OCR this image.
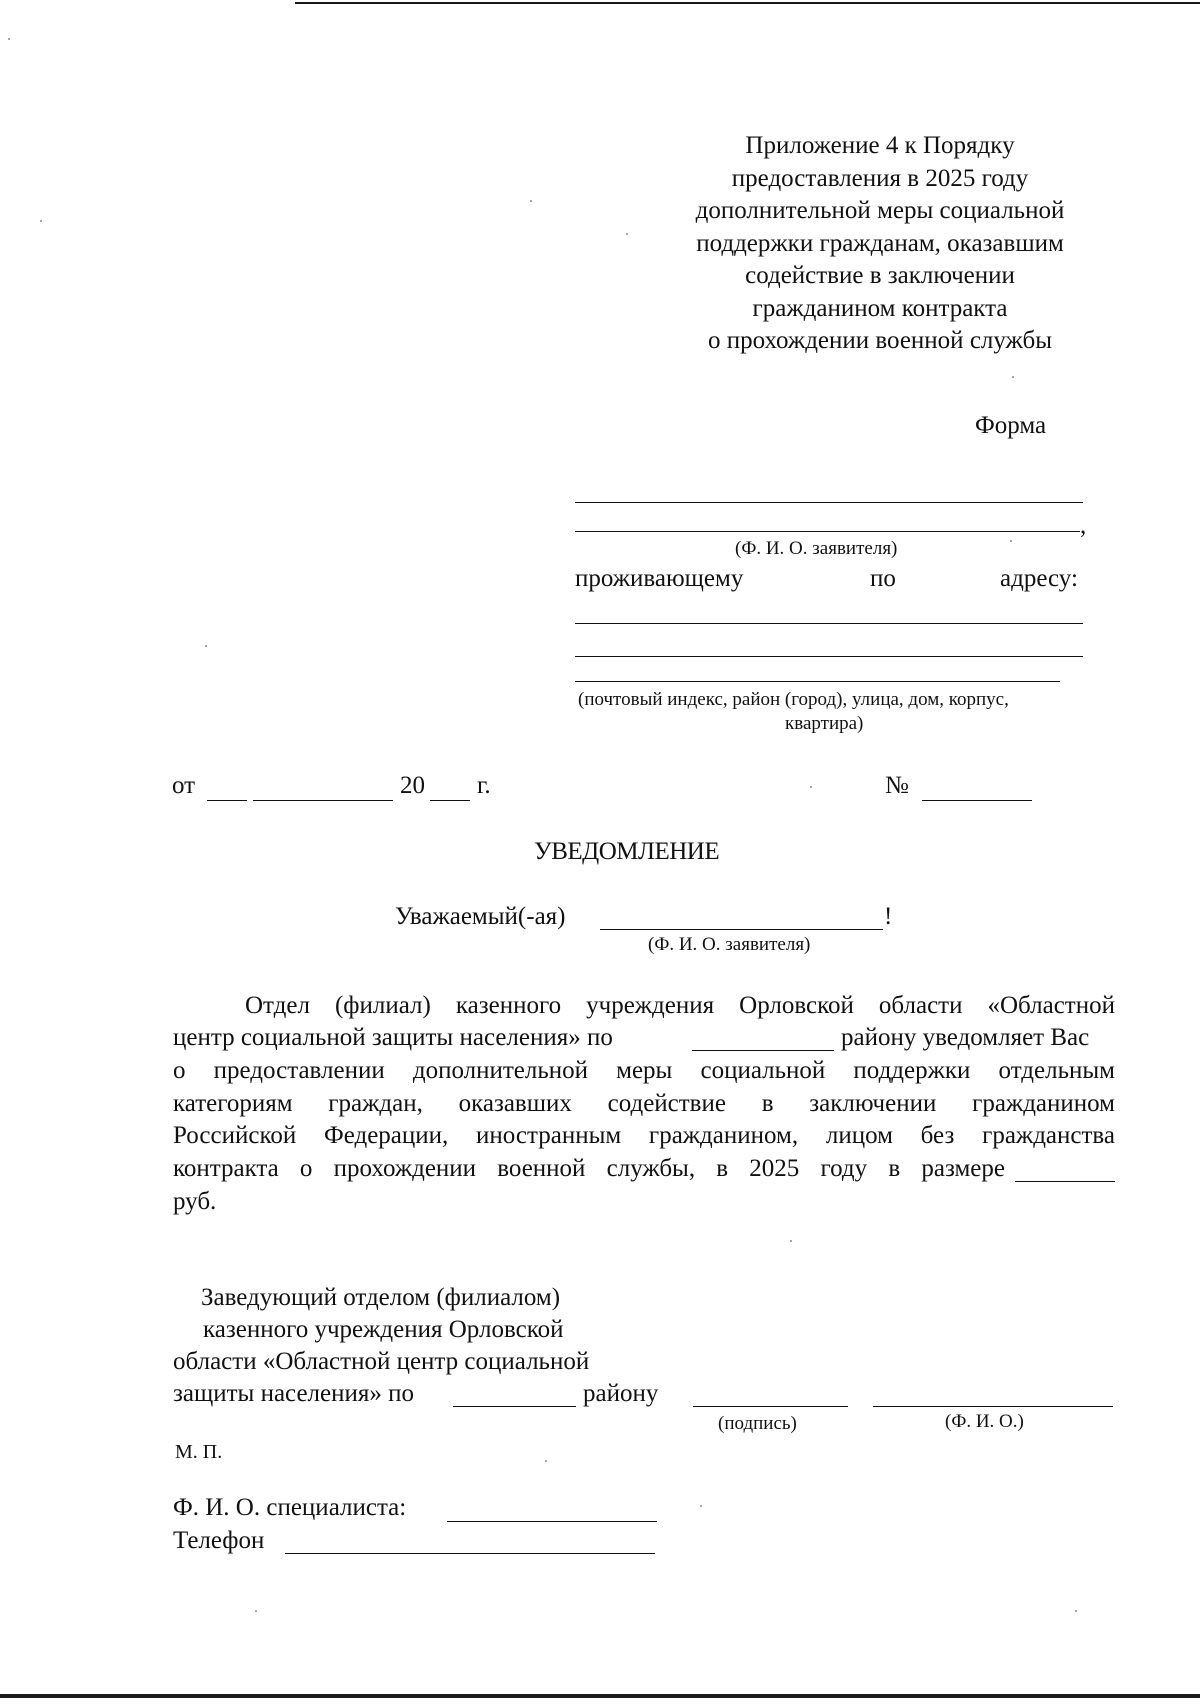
Приложение 4 к Порядку
предоставления в 2025 году
дополнительной меры социальной
поддержки гражданам, оказавшим
содействие в заключении
гражданином контракта
о прохождении военной службы
Форма
,
(Ф. И. О. заявителя)
проживающему	по	адресу:
(почтовый индекс, район (город), улица, дом, корпус,
квартира)
от	20 г.	№
УВЕДОМЛЕНИЕ
Уважаемый(-ая)	!
(Ф. И. О. заявителя)
Отдел (филиал) казенного учреждения Орловской области «Областной
центр социальной защиты населения» по	району уведомляет Вас
о предоставлении дополнительной меры социальной поддержки отдельным
категориям граждан, оказавших содействие в заключении гражданином
Российской Федерации, иностранным гражданином, лицом без гражданства
контракта о прохождении военной службы, в 2025 году в размере
руб.
Заведующий отделом (филиалом)
казенного учреждения Орловской
области «Областной центр социальной
защиты населения» по	району
(подпись)	(Ф. И. О.)
М. П.
Ф. И. О. специалиста:
Телефон
